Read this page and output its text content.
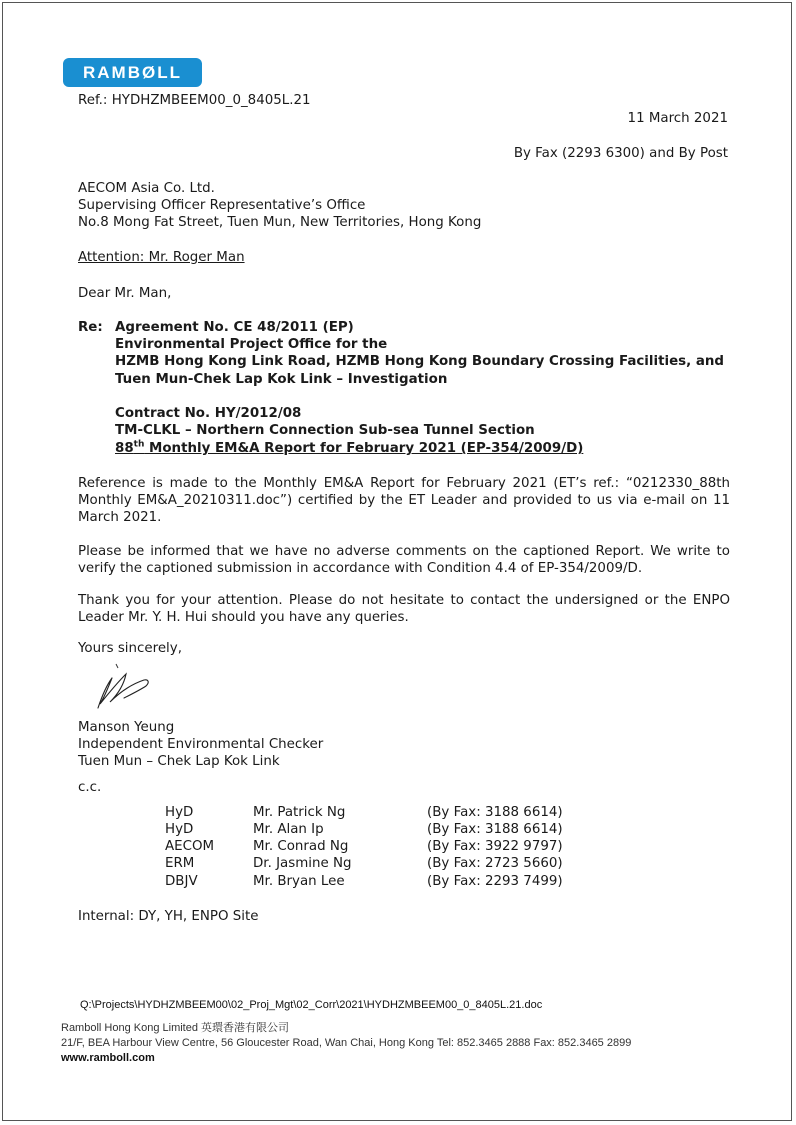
RAMBØLL
Ref.: HYDHZMBEEM00_0_8405L.21
11 March 2021
By Fax (2293 6300) and By Post
AECOM Asia Co. Ltd.
Supervising Officer Representative’s Office
No.8 Mong Fat Street, Tuen Mun, New Territories, Hong Kong
Attention: Mr. Roger Man
Dear Mr. Man,
Re: Agreement No. CE 48/2011 (EP)
Environmental Project Office for the
HZMB Hong Kong Link Road, HZMB Hong Kong Boundary Crossing Facilities, and
Tuen Mun-Chek Lap Kok Link – Investigation
Contract No. HY/2012/08
TM-CLKL – Northern Connection Sub-sea Tunnel Section
88th Monthly EM&A Report for February 2021 (EP-354/2009/D)
Reference is made to the Monthly EM&A Report for February 2021 (ET’s ref.: “0212330_88th Monthly EM&A_20210311.doc”) certified by the ET Leader and provided to us via e-mail on 11 March 2021.
Please be informed that we have no adverse comments on the captioned Report. We write to verify the captioned submission in accordance with Condition 4.4 of EP-354/2009/D.
Thank you for your attention. Please do not hesitate to contact the undersigned or the ENPO Leader Mr. Y. H. Hui should you have any queries.
Yours sincerely,
Manson Yeung
Independent Environmental Checker
Tuen Mun – Chek Lap Kok Link
c.c.
HyD	Mr. Patrick Ng	(By Fax: 3188 6614)
HyD	Mr. Alan Ip	(By Fax: 3188 6614)
AECOM	Mr. Conrad Ng	(By Fax: 3922 9797)
ERM	Dr. Jasmine Ng	(By Fax: 2723 5660)
DBJV	Mr. Bryan Lee	(By Fax: 2293 7499)
Internal: DY, YH, ENPO Site
Q:\Projects\HYDHZMBEEM00\02_Proj_Mgt\02_Corr\2021\HYDHZMBEEM00_0_8405L.21.doc
Ramboll Hong Kong Limited 英環香港有限公司
21/F, BEA Harbour View Centre, 56 Gloucester Road, Wan Chai, Hong Kong Tel: 852.3465 2888 Fax: 852.3465 2899
www.ramboll.com
